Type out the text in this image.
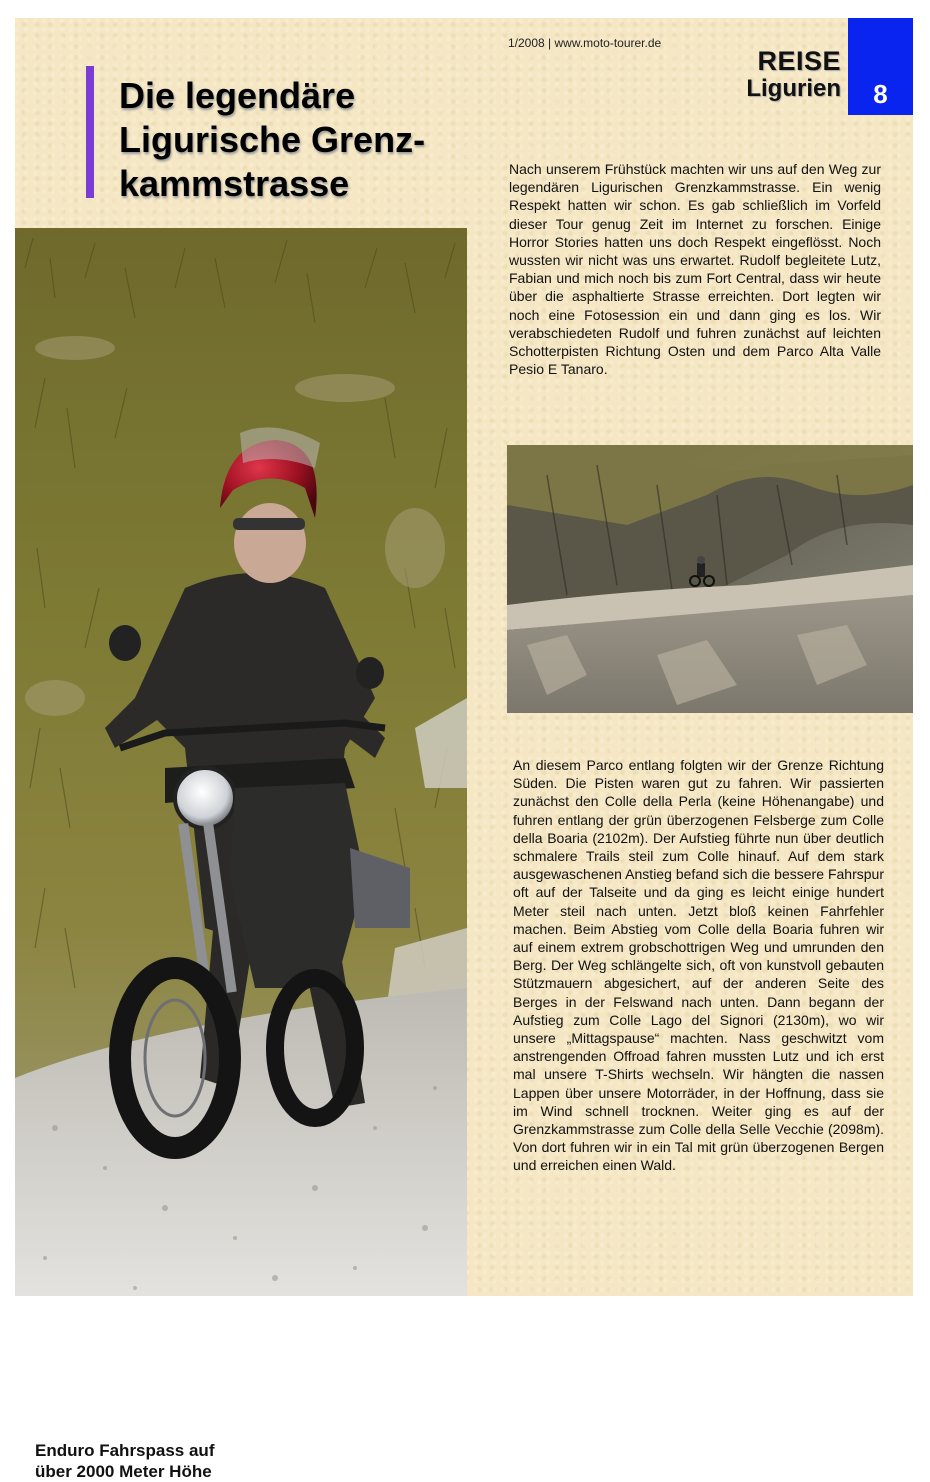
1/2008 | www.moto-tourer.de
REISE
Ligurien 8
Die legendäre
Ligurische Grenz-
kammstrasse
Enduro Fahrspass auf
über 2000 Meter Höhe
Nach unserem Frühstück machten wir uns auf den Weg zur legendären Ligurischen Grenzkammstrasse. Ein wenig Respekt hatten wir schon. Es gab schließlich im Vorfeld dieser Tour genug Zeit im Internet zu forschen. Einige Horror Stories hatten uns doch Respekt eingeflösst. Noch wussten wir nicht was uns erwartet. Rudolf begleitete Lutz, Fabian und mich noch bis zum Fort Central, dass wir heute über die asphaltierte Strasse erreichten. Dort legten wir noch eine Fotosession ein und dann ging es los. Wir verabschiedeten Rudolf und fuhren zunächst auf leichten Schotterpisten Richtung Osten und dem Parco Alta Valle Pesio E Tanaro.
An diesem Parco entlang folgten wir der Grenze Richtung Süden. Die Pisten waren gut zu fahren. Wir passierten zunächst den Colle della Perla (keine Höhenangabe) und fuhren entlang der grün überzogenen Felsberge zum Colle della Boaria (2102m). Der Aufstieg führte nun über deutlich schmalere Trails steil zum Colle hinauf. Auf dem stark ausgewaschenen Anstieg befand sich die bessere Fahrspur oft auf der Talseite und da ging es leicht einige hundert Meter steil nach unten. Jetzt bloß keinen Fahrfehler machen. Beim Abstieg vom Colle della Boaria fuhren wir auf einem extrem grobschottrigen Weg und umrunden den Berg. Der Weg schlängelte sich, oft von kunstvoll gebauten Stützmauern abgesichert, auf der anderen Seite des Berges in der Felswand nach unten. Dann begann der Aufstieg zum Colle Lago del Signori (2130m), wo wir unsere „Mittagspause“ machten. Nass geschwitzt vom anstrengenden Offroad fahren mussten Lutz und ich erst mal unsere T-Shirts wechseln. Wir hängten die nassen Lappen über unsere Motorräder, in der Hoffnung, dass sie im Wind schnell trocknen. Weiter ging es auf der Grenzkammstrasse zum Colle della Selle Vecchie (2098m). Von dort fuhren wir in ein Tal mit grün überzogenen Bergen und erreichen einen Wald.
